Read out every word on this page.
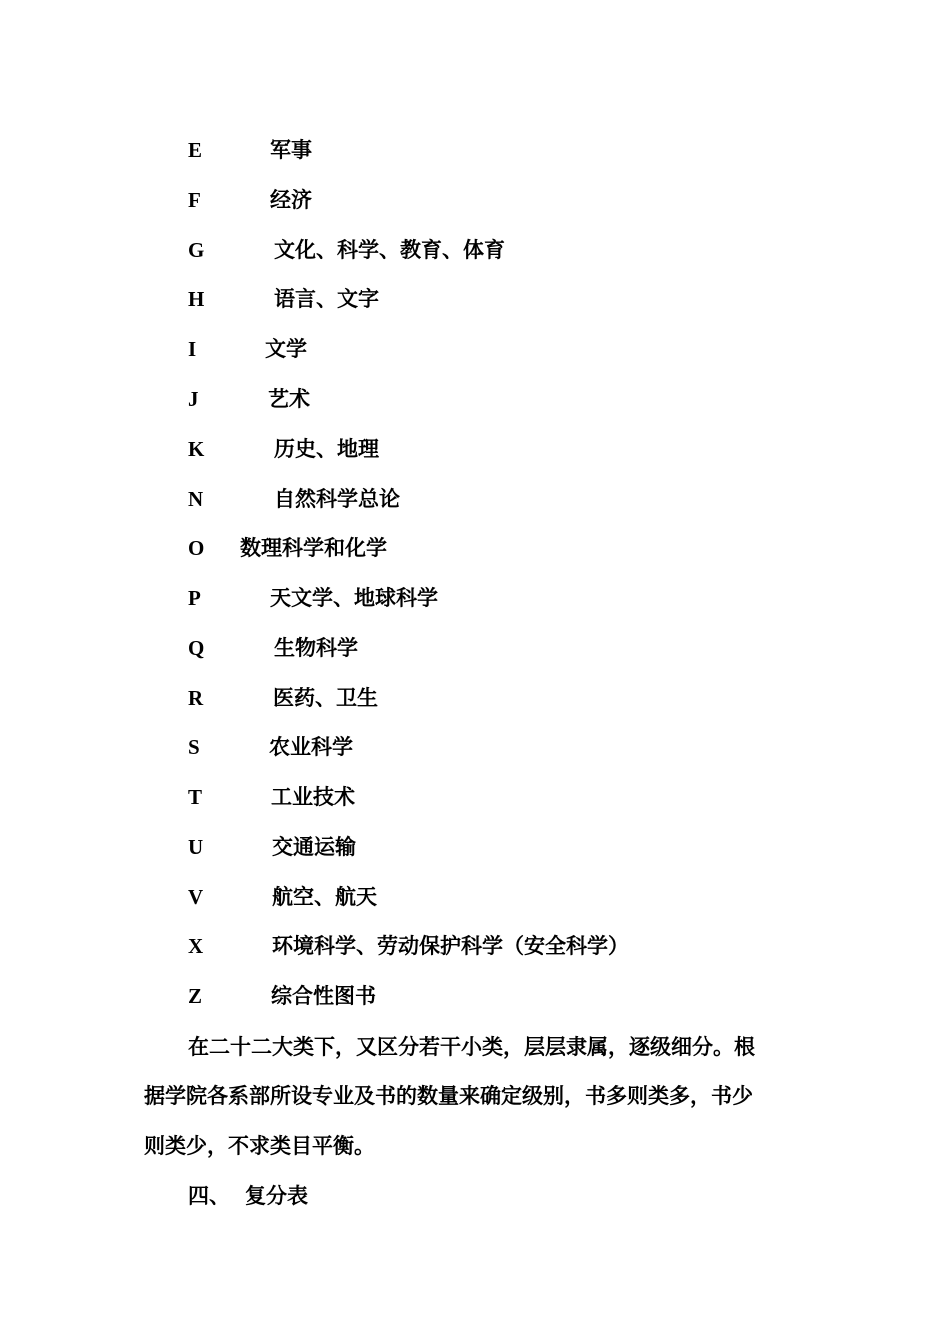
E	军事
F	经济
G	文化、科学、教育、体育
H	语言、文字
I	文学
J	艺术
K	历史、地理
N	自然科学总论
O 数理科学和化学
P	天文学、地球科学
Q	生物科学
R	医药、卫生
S	农业科学
T	工业技术
U	交通运输
V	航空、航天
X	环境科学、劳动保护科学（安全科学）
Z	综合性图书
在二十二大类下，又区分若干小类，层层隶属，逐级细分。根
据学院各系部所设专业及书的数量来确定级别，书多则类多，书少
则类少，不求类目平衡。
四、 复分表
